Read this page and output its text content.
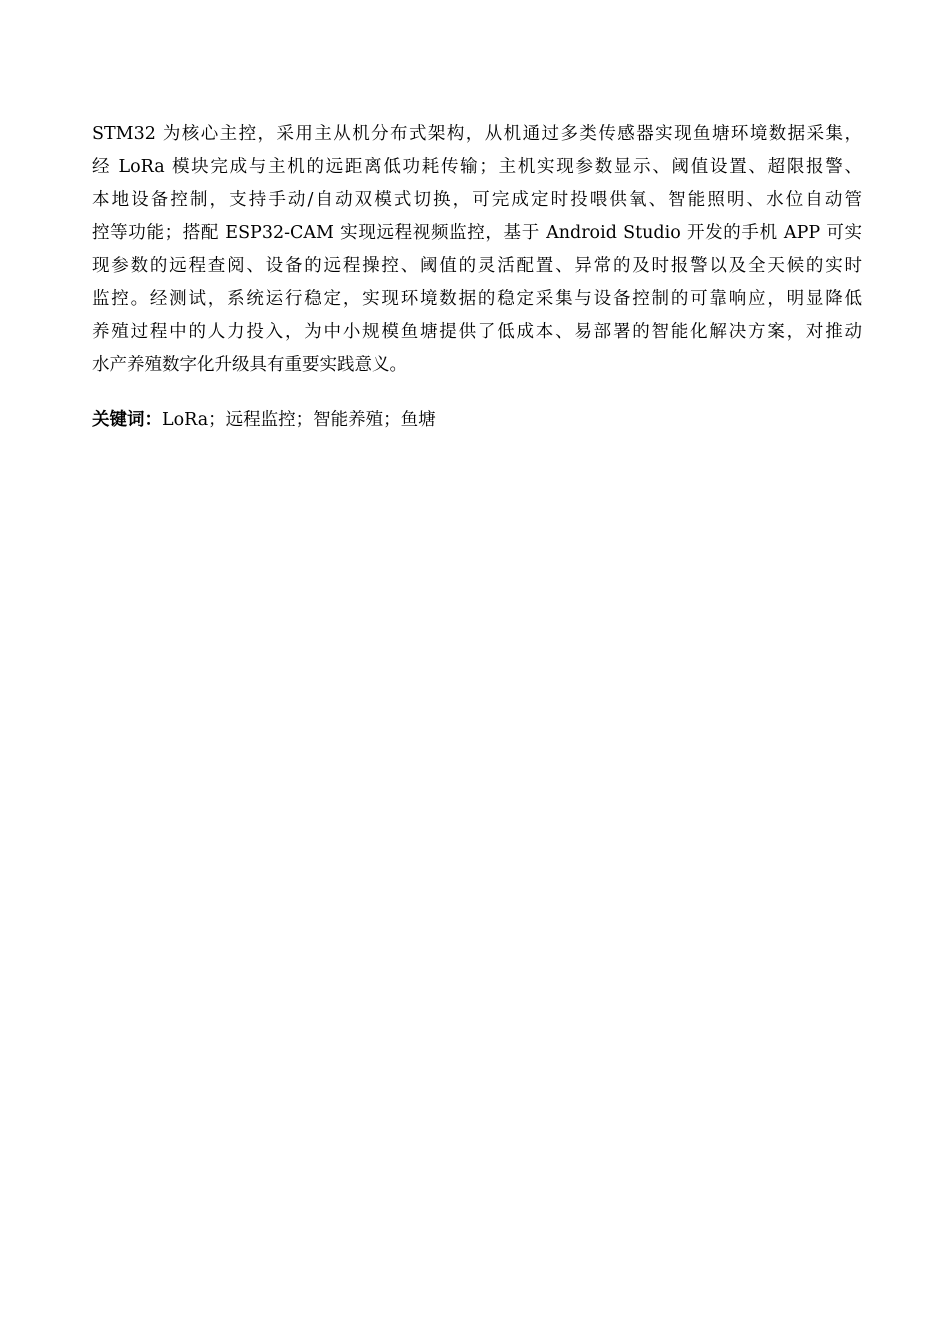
STM32 为核心主控，采用主从机分布式架构，从机通过多类传感器实现鱼塘环境数据采集，
经 LoRa 模块完成与主机的远距离低功耗传输；主机实现参数显示、阈值设置、超限报警、
本地设备控制，支持手动/自动双模式切换，可完成定时投喂供氧、智能照明、水位自动管
控等功能；搭配 ESP32-CAM 实现远程视频监控，基于 Android Studio 开发的手机 APP 可实
现参数的远程查阅、设备的远程操控、阈值的灵活配置、异常的及时报警以及全天候的实时
监控。经测试，系统运行稳定，实现环境数据的稳定采集与设备控制的可靠响应，明显降低
养殖过程中的人力投入，为中小规模鱼塘提供了低成本、易部署的智能化解决方案，对推动
水产养殖数字化升级具有重要实践意义。
关键词：LoRa；远程监控；智能养殖；鱼塘
